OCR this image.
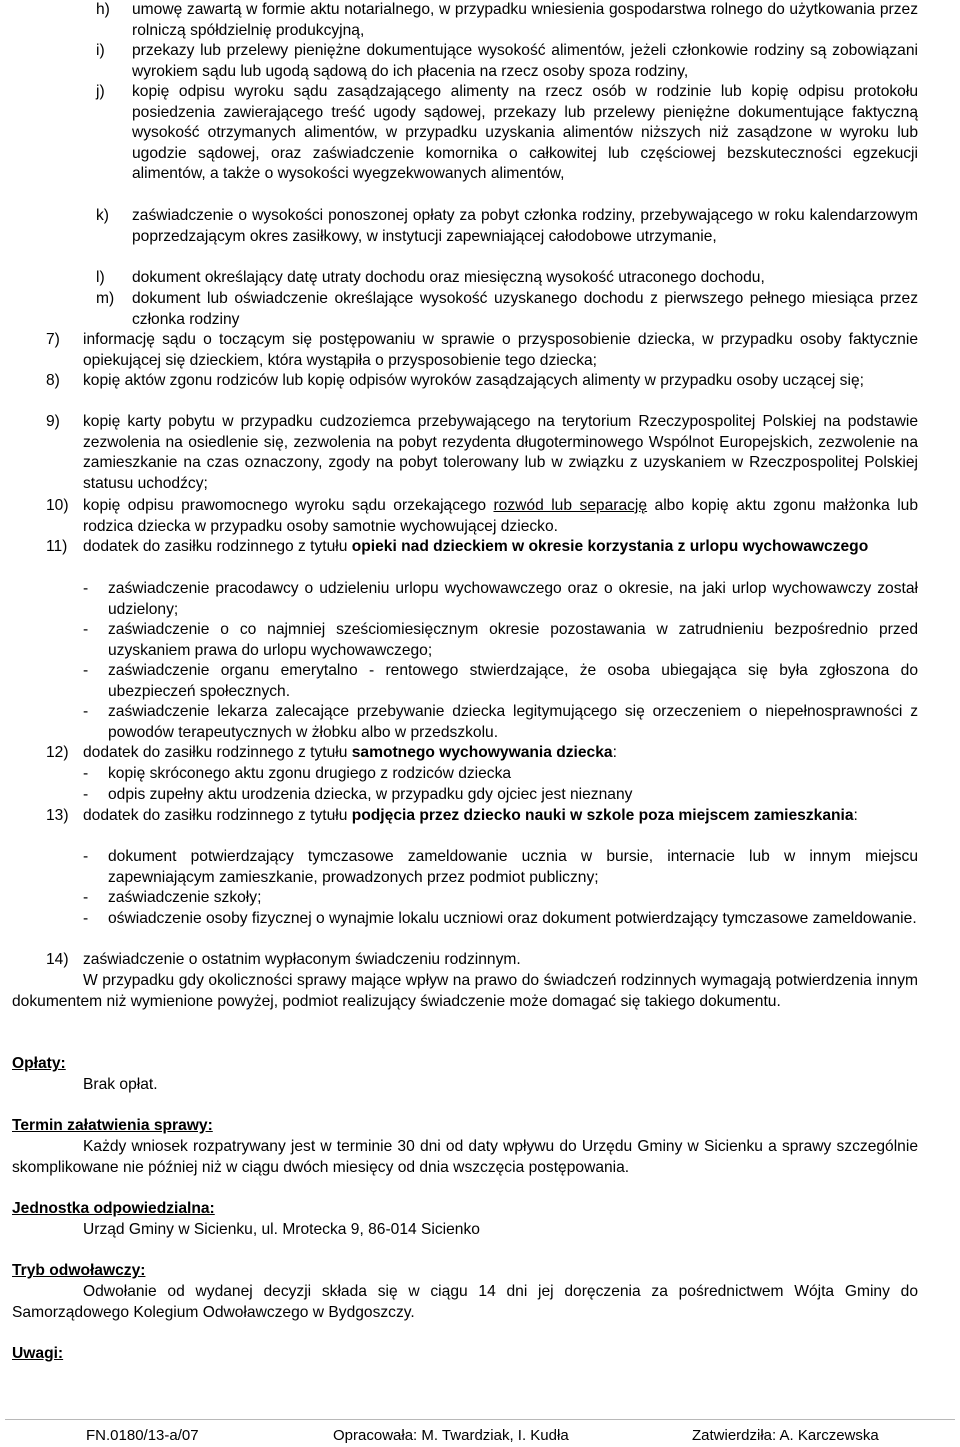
h)	umowę zawartą w formie aktu notarialnego, w przypadku wniesienia gospodarstwa rolnego do użytkowania przez rolniczą spółdzielnię produkcyjną,
i)	przekazy lub przelewy pieniężne dokumentujące wysokość alimentów, jeżeli członkowie rodziny są zobowiązani wyrokiem sądu lub ugodą sądową do ich płacenia na rzecz osoby spoza rodziny,
j)	kopię odpisu wyroku sądu zasądzającego alimenty na rzecz osób w rodzinie lub kopię odpisu protokołu posiedzenia zawierającego treść ugody sądowej, przekazy lub przelewy pieniężne dokumentujące faktyczną wysokość otrzymanych alimentów, w przypadku uzyskania alimentów niższych niż zasądzone w wyroku lub ugodzie sądowej, oraz zaświadczenie komornika o całkowitej lub częściowej bezskuteczności egzekucji alimentów, a także o wysokości wyegzekwowanych alimentów,
k)	zaświadczenie o wysokości ponoszonej opłaty za pobyt członka rodziny, przebywającego w roku kalendarzowym poprzedzającym okres zasiłkowy, w instytucji zapewniającej całodobowe utrzymanie,
l)	dokument określający datę utraty dochodu oraz miesięczną wysokość utraconego dochodu,
m)	dokument lub oświadczenie określające wysokość uzyskanego dochodu z pierwszego pełnego miesiąca przez członka rodziny
7)	informację sądu o toczącym się postępowaniu w sprawie o przysposobienie dziecka, w przypadku osoby faktycznie opiekującej się dzieckiem, która wystąpiła o przysposobienie tego dziecka;
8)	kopię aktów zgonu rodziców lub kopię odpisów wyroków zasądzających alimenty w przypadku osoby uczącej się;
9)	kopię karty pobytu w przypadku cudzoziemca przebywającego na terytorium Rzeczypospolitej Polskiej na podstawie zezwolenia na osiedlenie się, zezwolenia na pobyt rezydenta długoterminowego Wspólnot Europejskich, zezwolenie na zamieszkanie na czas oznaczony, zgody na pobyt tolerowany lub w związku z uzyskaniem w Rzeczpospolitej Polskiej statusu uchodźcy;
10) kopię odpisu prawomocnego wyroku sądu orzekającego rozwód lub separację albo kopię aktu zgonu małżonka lub rodzica dziecka w przypadku osoby samotnie wychowującej dziecko.
11)	dodatek do zasiłku rodzinnego z tytułu opieki nad dzieckiem w okresie korzystania z urlopu wychowawczego
-	zaświadczenie pracodawcy o udzieleniu urlopu wychowawczego oraz o okresie, na jaki urlop wychowawczy został udzielony;
-	zaświadczenie o co najmniej sześciomiesięcznym okresie pozostawania w zatrudnieniu bezpośrednio przed uzyskaniem prawa do urlopu wychowawczego;
-	zaświadczenie organu emerytalno - rentowego stwierdzające, że osoba ubiegająca się była zgłoszona do ubezpieczeń społecznych.
-	zaświadczenie lekarza zalecające przebywanie dziecka legitymującego się orzeczeniem o niepełnosprawności z powodów terapeutycznych w żłobku albo w przedszkolu.
12) dodatek do zasiłku rodzinnego z tytułu samotnego wychowywania dziecka:
-	kopię skróconego aktu zgonu drugiego z rodziców dziecka
-	odpis zupełny aktu urodzenia dziecka, w przypadku gdy ojciec jest nieznany
13) dodatek do zasiłku rodzinnego z tytułu podjęcia przez dziecko nauki w szkole poza miejscem zamieszkania:
-	dokument potwierdzający tymczasowe zameldowanie ucznia w bursie, internacie lub w innym miejscu zapewniającym zamieszkanie, prowadzonych przez podmiot publiczny;
-	zaświadczenie szkoły;
-	oświadczenie osoby fizycznej o wynajmie lokalu uczniowi oraz dokument potwierdzający tymczasowe zameldowanie.
14) zaświadczenie o ostatnim wypłaconym świadczeniu rodzinnym.
W przypadku gdy okoliczności sprawy mające wpływ na prawo do świadczeń rodzinnych wymagają potwierdzenia innym dokumentem niż wymienione powyżej, podmiot realizujący świadczenie może domagać się takiego dokumentu.
Opłaty:
Brak opłat.
Termin załatwienia sprawy:
Każdy wniosek rozpatrywany jest w terminie 30 dni od daty wpływu do Urzędu Gminy w Sicienku a sprawy szczególnie skomplikowane nie później niż w ciągu dwóch miesięcy od dnia wszczęcia postępowania.
Jednostka odpowiedzialna:
Urząd Gminy w Sicienku, ul. Mrotecka 9, 86-014 Sicienko
Tryb odwoławczy:
Odwołanie od wydanej decyzji składa się w ciągu 14 dni jej doręczenia za pośrednictwem Wójta Gminy do Samorządowego Kolegium Odwoławczego w Bydgoszczy.
Uwagi:
FN.0180/13-a/07	Opracowała: M. Twardziak, I. Kudła	Zatwierdziła: A. Karczewska
